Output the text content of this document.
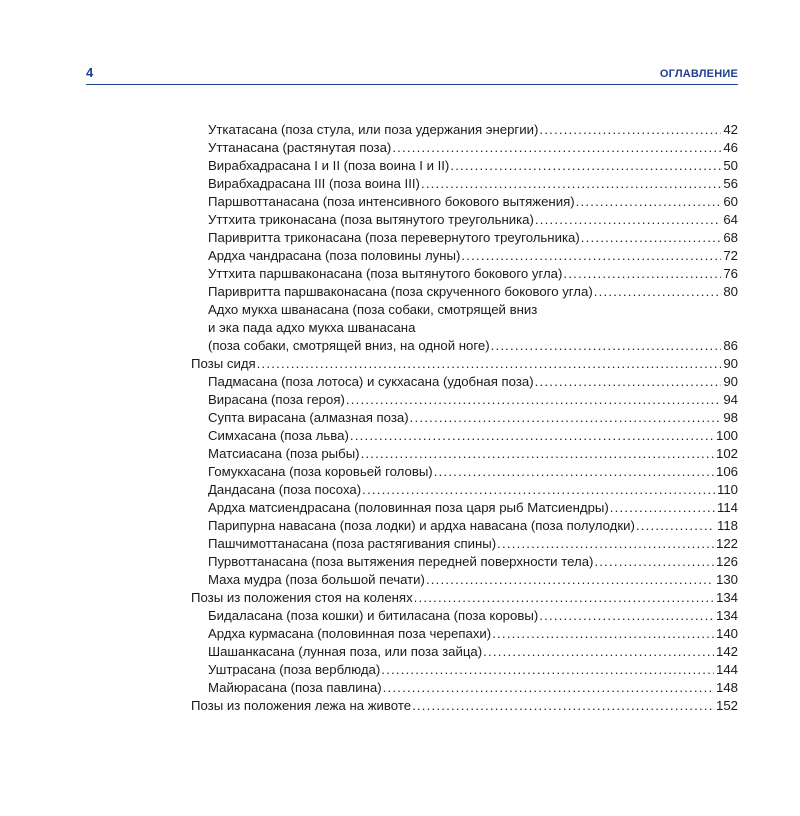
4	ОГЛАВЛЕНИЕ
Уткатасана (поза стула, или поза удержания энергии) .....	42
Уттанасана (растянутая поза) .....	46
Вирабхадрасана I и II (поза воина I и II) .....	50
Вирабхадрасана III (поза воина III) .....	56
Паршвоттанасана (поза интенсивного бокового вытяжения) .....	60
Уттхита триконасана (поза вытянутого треугольника) .....	64
Паривритта триконасана (поза перевернутого треугольника) .....	68
Ардха чандрасана (поза половины луны) .....	72
Уттхита паршваконасана (поза вытянутого бокового угла) .....	76
Паривритта паршваконасана (поза скрученного бокового угла) .....	80
Адхо мукха шванасана (поза собаки, смотрящей вниз
и эка пада адхо мукха шванасана
(поза собаки, смотрящей вниз, на одной ноге) .....	86
Позы сидя .....	90
Падмасана (поза лотоса) и сукхасана (удобная поза) .....	90
Вирасана (поза героя) .....	94
Супта вирасана (алмазная поза) .....	98
Симхасана (поза льва) .....	100
Матсиасана (поза рыбы) .....	102
Гомукхасана (поза коровьей головы) .....	106
Дандасана (поза посоха) .....	110
Ардха матсиендрасана (половинная поза царя рыб Матсиендры) .....	114
Парипурна навасана (поза лодки) и ардха навасана (поза полулодки) .....	118
Пашчимоттанасана (поза растягивания спины) .....	122
Пурвоттанасана (поза вытяжения передней поверхности тела) .....	126
Маха мудра (поза большой печати) .....	130
Позы из положения стоя на коленях .....	134
Бидаласана (поза кошки) и битиласана (поза коровы) .....	134
Ардха курмасана (половинная поза черепахи) .....	140
Шашанкасана (лунная поза, или поза зайца) .....	142
Уштрасана (поза верблюда) .....	144
Майюрасана (поза павлина) .....	148
Позы из положения лежа на животе .....	152
